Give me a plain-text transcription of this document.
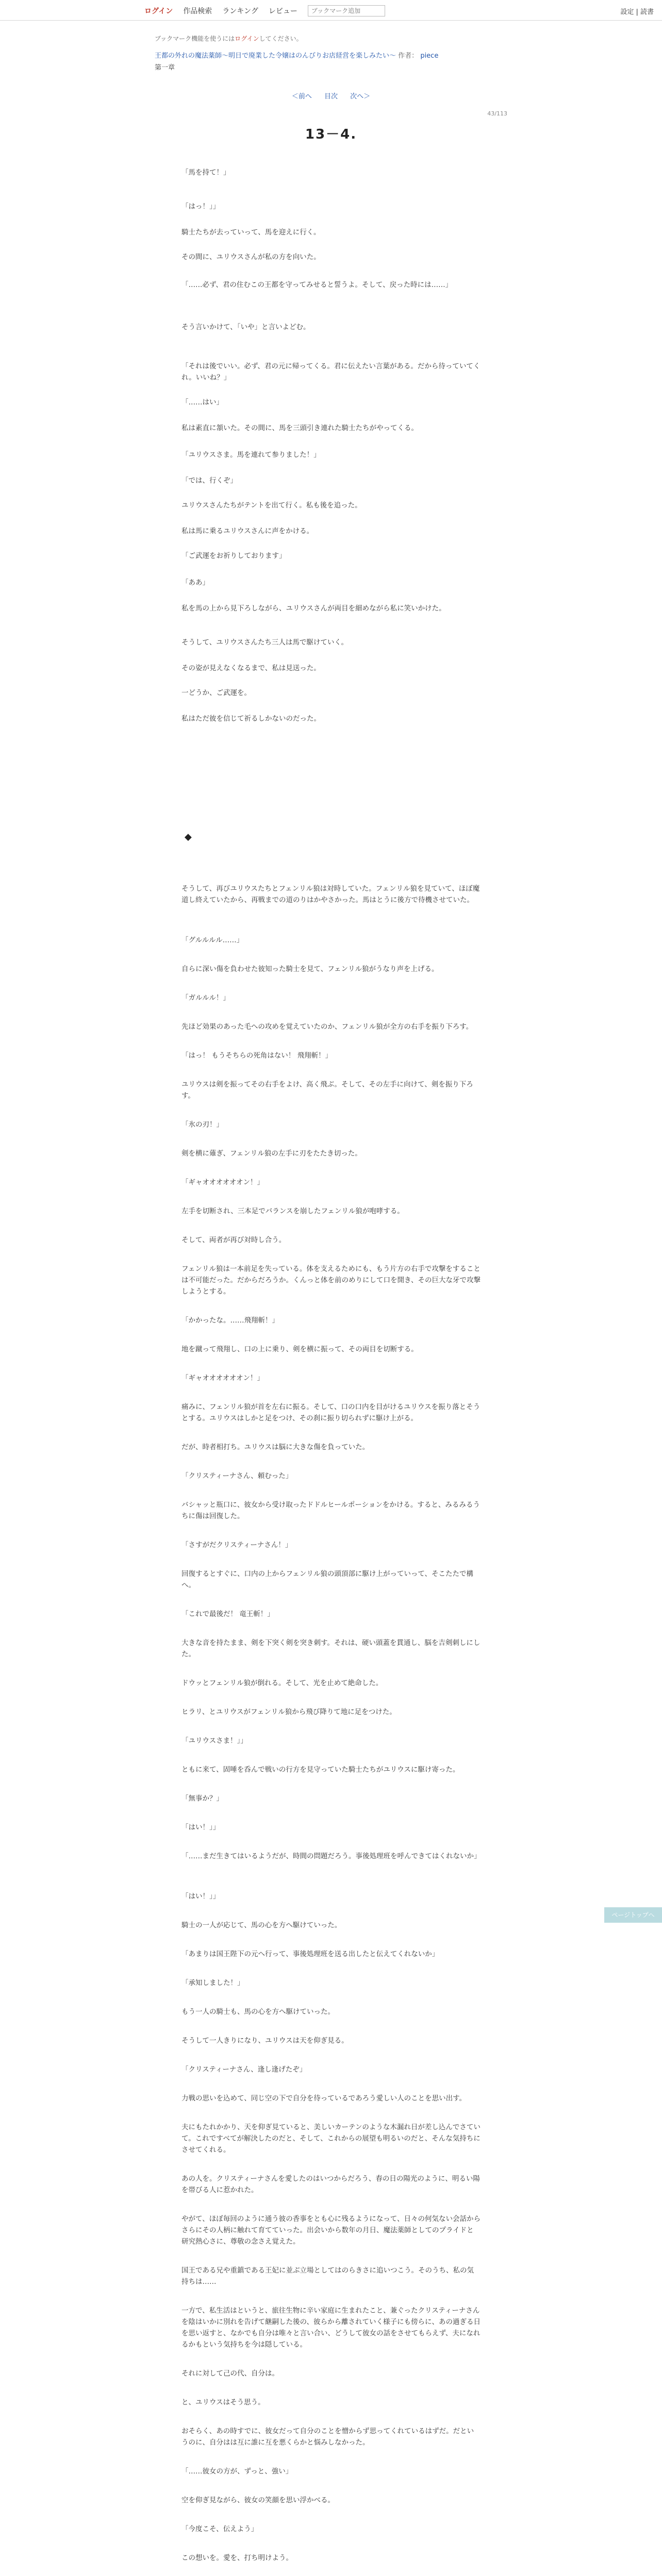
ログイン 作品検索 ランキング レビュー
ブックマーク追加	設定 | 読書
ブックマーク機能を使うにはログインしてください。
王都の外れの魔法薬師〜明日で廃業した令嬢はのんびりお店経営を楽しみたい〜 作者： piece
第一章
＜前へ 目次 次へ＞
43/113
13－4.
「馬を持て！」
「はっ！」」
騎士たちが去っていって、馬を迎えに行く。
その間に、ユリウスさんが私の方を向いた。
「……必ず、君の住むこの王都を守ってみせると誓うよ。そして、戻った時には……」
そう言いかけて、「いや」と言いよどむ。
「それは後でいい。必ず、君の元に帰ってくる。君に伝えたい言葉がある。だから待っていてくれ。いいね？」
「……はい」
私は素直に頷いた。その間に、馬を三頭引き連れた騎士たちがやってくる。
「ユリウスさま。馬を連れて参りました！」
「では、行くぞ」
ユリウスさんたちがテントを出て行く。私も後を追った。
私は馬に乗るユリウスさんに声をかける。
「ご武運をお祈りしております」
「ああ」
私を馬の上から見下ろしながら、ユリウスさんが両目を細めながら私に笑いかけた。
そうして、ユリウスさんたち三人は馬で駆けていく。
その姿が見えなくなるまで、私は見送った。
一どうか、ご武運を。
私はただ彼を信じて祈るしかないのだった。
そうして、再びユリウスたちとフェンリル狼は対時していた。フェンリル狼を見ていて、ほぼ魔道し終えていたから、再戦までの道のりはかやさかった。馬はとうに後方で待機させていた。
「グルルルル……」
自らに深い傷を負わせた彼知った騎士を見て、フェンリル狼がうなり声を上げる。
「ガルルル！」
先ほど効果のあった毛への攻めを覚えていたのか、フェンリル狼が全方の右手を振り下ろす。
「はっ！ もうそちらの死角はない！ 飛翔斬！」
ユリウスは剣を振ってその右手をよけ、高く飛ぶ。そして、その左手に向けて、剣を振り下ろす。
「氷の刃！」
剣を横に薙ぎ、フェンリル狼の左手に刃をたたき切った。
「ギャオオオオオオン！」
左手を切断され、三本足でバランスを崩したフェンリル狼が咆哮する。
そして、両者が再び対時し合う。
フェンリル狼は一本前足を失っている。体を支えるためにも、もう片方の右手で攻撃をすることは不可能だった。だからだろうか。くんっと体を前のめりにして口を開き、その巨大な牙で攻撃しようとする。
「かかったな。……飛翔斬！」
地を蹴って飛翔し、口の上に乗り、剣を横に振って、その両目を切断する。
「ギャオオオオオオン！」
痛みに、フェンリル狼が首を左右に振る。そして、口の口内を目がけるユリウスを振り落とそうとする。ユリウスはしかと足をつけ、その刹に振り切られずに駆け上がる。
だが、時者相打ち。ユリウスは脳に大きな傷を負っていた。
「クリスティーナさん、頼むった」
バシャッと瓶口に、彼女から受け取ったドドルヒールポーションをかける。すると、みるみるうちに傷は回復した。
「さすがだクリスティーナさん！」
回復するとすぐに、口内の上からフェンリル狼の頭頂部に駆け上がっていって、そこたたで構へ。
「これで最後だ！ 竜王斬！」
大きな音を持たまま、剣を下突く剣を突き刺す。それは、硬い頭蓋を貫通し、脳を吉剣刺しにした。
ドウッとフェンリル狼が倒れる。そして、光を止めて絶命した。
ヒラリ、とユリウスがフェンリル狼から飛び降りて地に足をつけた。
「ユリウスさま！」」
ともに来て、固唾を呑んで戦いの行方を見守っていた騎士たちがユリウスに駆け寄った。
「無事か？」
「はい！」」
「……まだ生きてはいるようだが、時間の問題だろう。事後処理班を呼んできてはくれないか」
「はい！」」
騎士の一人が応じて、馬の心を方へ駆けていった。
「あまりは国王陛下の元へ行って、事後処理班を送る出したと伝えてくれないか」
「承知しました！」
もう一人の騎士も、馬の心を方へ駆けていった。
そうして一人きりになり、ユリウスは天を仰ぎ見る。
「クリスティーナさん、逢し逢げたぞ」
力戦の思いを込めて、同じ空の下で自分を待っているであろう愛しい人のことを思い出す。
夫にもたれかかり、天を仰ぎ見ていると、美しいカーテンのような木漏れ日が差し込んでさていて。これですべてが解決したのだと、そして、これからの展望も明るいのだと、そんな気持ちにさせてくれる。
あの人を。クリスティーナさんを愛したのはいつからだろう、春の日の陽光のように、明るい陽を帯びる人に惹かれた。
やがて、ほぼ毎回のように通う彼の香事をとも心に残るようになって、日々の何気ない会話からさらにその人柄に触れて育てていった。出会いから数年の月日、魔法薬師としてのプライドと研究熱心さに、尊敬の念さえ覚えた。
国王である兄や重鎮である王妃に並ぶ立場としてはのらきさに追いつこう。そのうち、私の気持ちは……
一方で、私生活はというと、旅往生物に辛い家庭に生まれたこと、兼ぐったクリスティーナさんを陰はいかに別れを告げて継嗣した後の、彼らから離されていく様子にも傍らに、あの過ぎる日を思い返すと、なかでも自分は唯々と言い合い、どうして彼女の話をさせてもらえず、夫になれるかもという気持ちを今は隠している。
それに対して己の代、自分は。
と、ユリウスはそう思う。
おそらく、あの時すでに、彼女だって自分のことを憎からず思ってくれているはずだ。だというのに、自分はは互に誰に互を悪くらかと悩みしなかった。
「……彼女の方が、ずっと、強い」
空を仰ぎ見ながら、彼女の笑顔を思い浮かべる。
「今度こそ、伝えよう」
この想いを。愛を、打ち明けよう。
◆
ページトップへ
